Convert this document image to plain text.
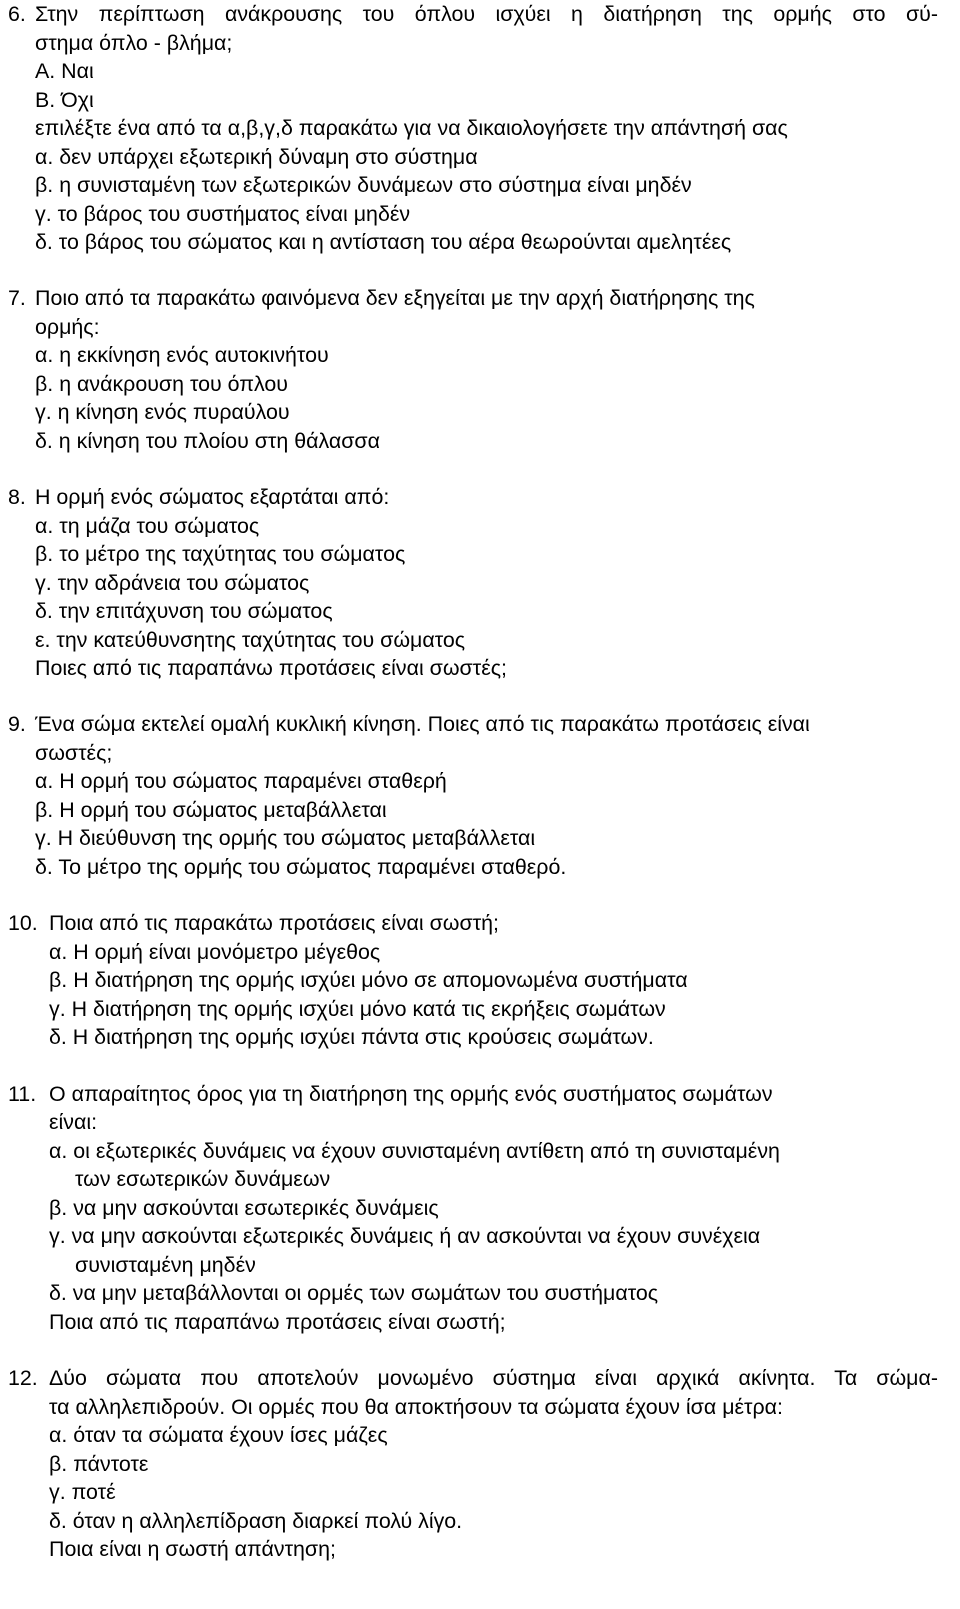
6. Στην περίπτωση ανάκρουσης του όπλου ισχύει η διατήρηση της ορμής στο σύ-
στημα όπλο - βλήμα;
Α. Ναι
Β. Όχι
επιλέξτε ένα από τα α,β,γ,δ παρακάτω για να δικαιολογήσετε την απάντησή σας
α. δεν υπάρχει εξωτερική δύναμη στο σύστημα
β. η συνισταμένη των εξωτερικών δυνάμεων στο σύστημα είναι μηδέν
γ. το βάρος του συστήματος είναι μηδέν
δ. το βάρος του σώματος και η αντίσταση του αέρα θεωρούνται αμελητέες
7. Ποιο από τα παρακάτω φαινόμενα δεν εξηγείται με την αρχή διατήρησης της
ορμής:
α. η εκκίνηση ενός αυτοκινήτου
β. η ανάκρουση του όπλου
γ. η κίνηση ενός πυραύλου
δ. η κίνηση του πλοίου στη θάλασσα
8. Η ορμή ενός σώματος εξαρτάται από:
α. τη μάζα του σώματος
β. το μέτρο της ταχύτητας του σώματος
γ. την αδράνεια του σώματος
δ. την επιτάχυνση του σώματος
ε. την κατεύθυνσητης ταχύτητας του σώματος
Ποιες από τις παραπάνω προτάσεις είναι σωστές;
9. Ένα σώμα εκτελεί ομαλή κυκλική κίνηση. Ποιες από τις παρακάτω προτάσεις είναι
σωστές;
α. Η ορμή του σώματος παραμένει σταθερή
β. Η ορμή του σώματος μεταβάλλεται
γ. Η διεύθυνση της ορμής του σώματος μεταβάλλεται
δ. Το μέτρο της ορμής του σώματος παραμένει σταθερό.
10. Ποια από τις παρακάτω προτάσεις είναι σωστή;
α. Η ορμή είναι μονόμετρο μέγεθος
β. Η διατήρηση της ορμής ισχύει μόνο σε απομονωμένα συστήματα
γ. Η διατήρηση της ορμής ισχύει μόνο κατά τις εκρήξεις σωμάτων
δ. Η διατήρηση της ορμής ισχύει πάντα στις κρούσεις σωμάτων.
11. Ο απαραίτητος όρος για τη διατήρηση της ορμής ενός συστήματος σωμάτων
είναι:
α. οι εξωτερικές δυνάμεις να έχουν συνισταμένη αντίθετη από τη συνισταμένη
των εσωτερικών δυνάμεων
β. να μην ασκούνται εσωτερικές δυνάμεις
γ. να μην ασκούνται εξωτερικές δυνάμεις ή αν ασκούνται να έχουν συνέχεια
συνισταμένη μηδέν
δ. να μην μεταβάλλονται οι ορμές των σωμάτων του συστήματος
Ποια από τις παραπάνω προτάσεις είναι σωστή;
12. Δύο σώματα που αποτελούν μονωμένο σύστημα είναι αρχικά ακίνητα. Τα σώμα-
τα αλληλεπιδρούν. Οι ορμές που θα αποκτήσουν τα σώματα έχουν ίσα μέτρα:
α. όταν τα σώματα έχουν ίσες μάζες
β. πάντοτε
γ. ποτέ
δ. όταν η αλληλεπίδραση διαρκεί πολύ λίγο.
Ποια είναι η σωστή απάντηση;
